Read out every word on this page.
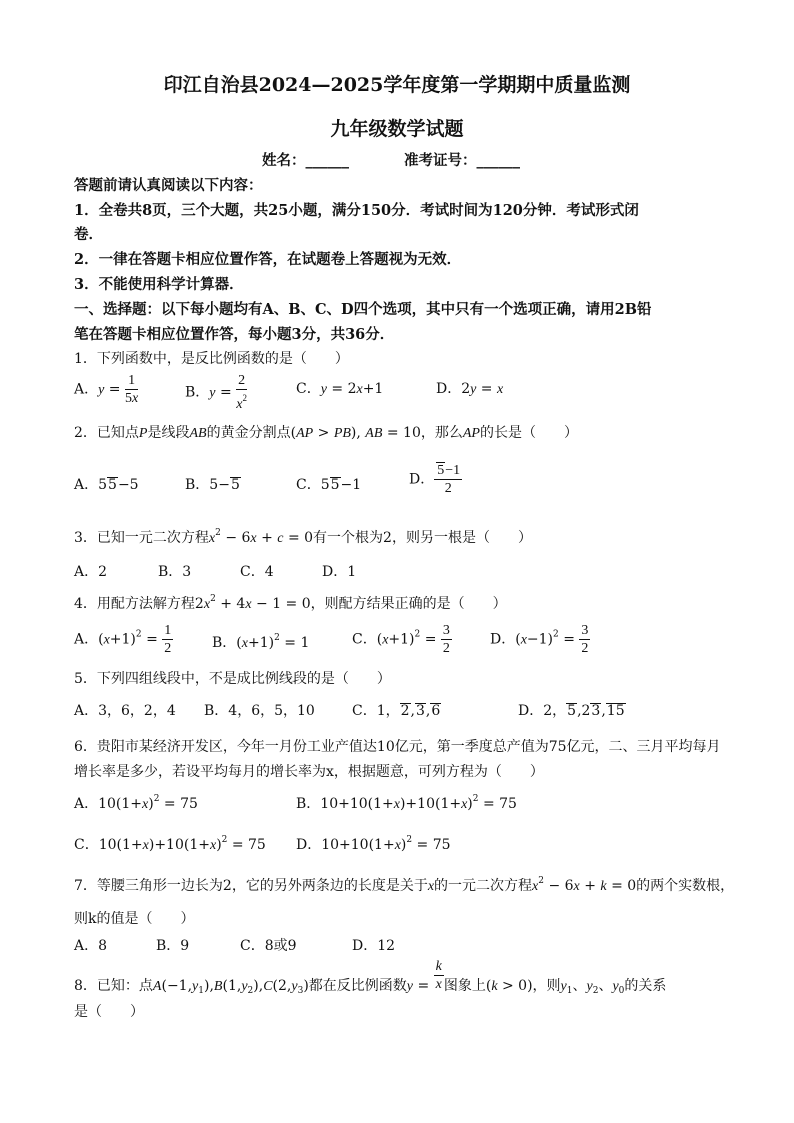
印江自治县2024—2025学年度第一学期期中质量监测
九年级数学试题
姓名：______	准考证号：______
答题前请认真阅读以下内容：
1．全卷共8页，三个大题，共25小题，满分150分．考试时间为120分钟．考试形式闭
卷．
2．一律在答题卡相应位置作答，在试题卷上答题视为无效．
3．不能使用科学计算器．
一、选择题：以下每小题均有A、B、C、D四个选项，其中只有一个选项正确，请用2B铅
笔在答题卡相应位置作答，每小题3分，共36分．
1．下列函数中，是反比例函数的是（　　）
A．$y = \frac{1}{5x}$	B．$y = \frac{2}{x^2}$	C．y = 2x+1	D．2y = x
2．已知点P是线段AB的黄金分割点(AP > PB), AB = 10，那么AP的长是（　　）
A．55−5	B．5−5	C．55−1	D． $\frac{5-1}{2}$
3．已知一元二次方程$x^2 - 6x + c = 0$有一个根为2，则另一根是（　　）
A．2	B．3	C．4	D．1
4．用配方法解方程$2x^2 + 4x - 1 = 0$，则配方结果正确的是（　　）
A．$(x+1)^2 = \frac{1}{2}$	B．$(x+1)^2 = 1$	C．$(x+1)^2 = \frac{3}{2}$	D．$(x-1)^2 = \frac{3}{2}$
5．下列四组线段中，不是成比例线段的是（　　）
A．3，6，2，4 B．4，6，5，10	C．1，2,3,6	D．2，5,23,15
6．贵阳市某经济开发区，今年一月份工业产值达10亿元，第一季度总产值为75亿元，二、三月平均每月
增长率是多少，若设平均每月的增长率为x，根据题意，可列方程为（　　）
A．$10(1+x)^2 = 75$	B．$10+10(1+x)+10(1+x)^2 = 75$
C．$10(1+x)+10(1+x)^2 = 75$ D．$10+10(1+x)^2 = 75$
7．等腰三角形一边长为2，它的另外两条边的长度是关于x的一元二次方程$x^2 - 6x + k = 0$的两个实数根，
则k的值是（　　）
A．8	B．9	C．8或9	D．12
8．已知：点$A(-1,y_1),B(1,y_2),C(2,y_3)$都在反比例函数$y = \frac{k}{x}$ 图象上(k > 0)，则$y_1$、$y_2$、$y_0$的关系
是（　　）
